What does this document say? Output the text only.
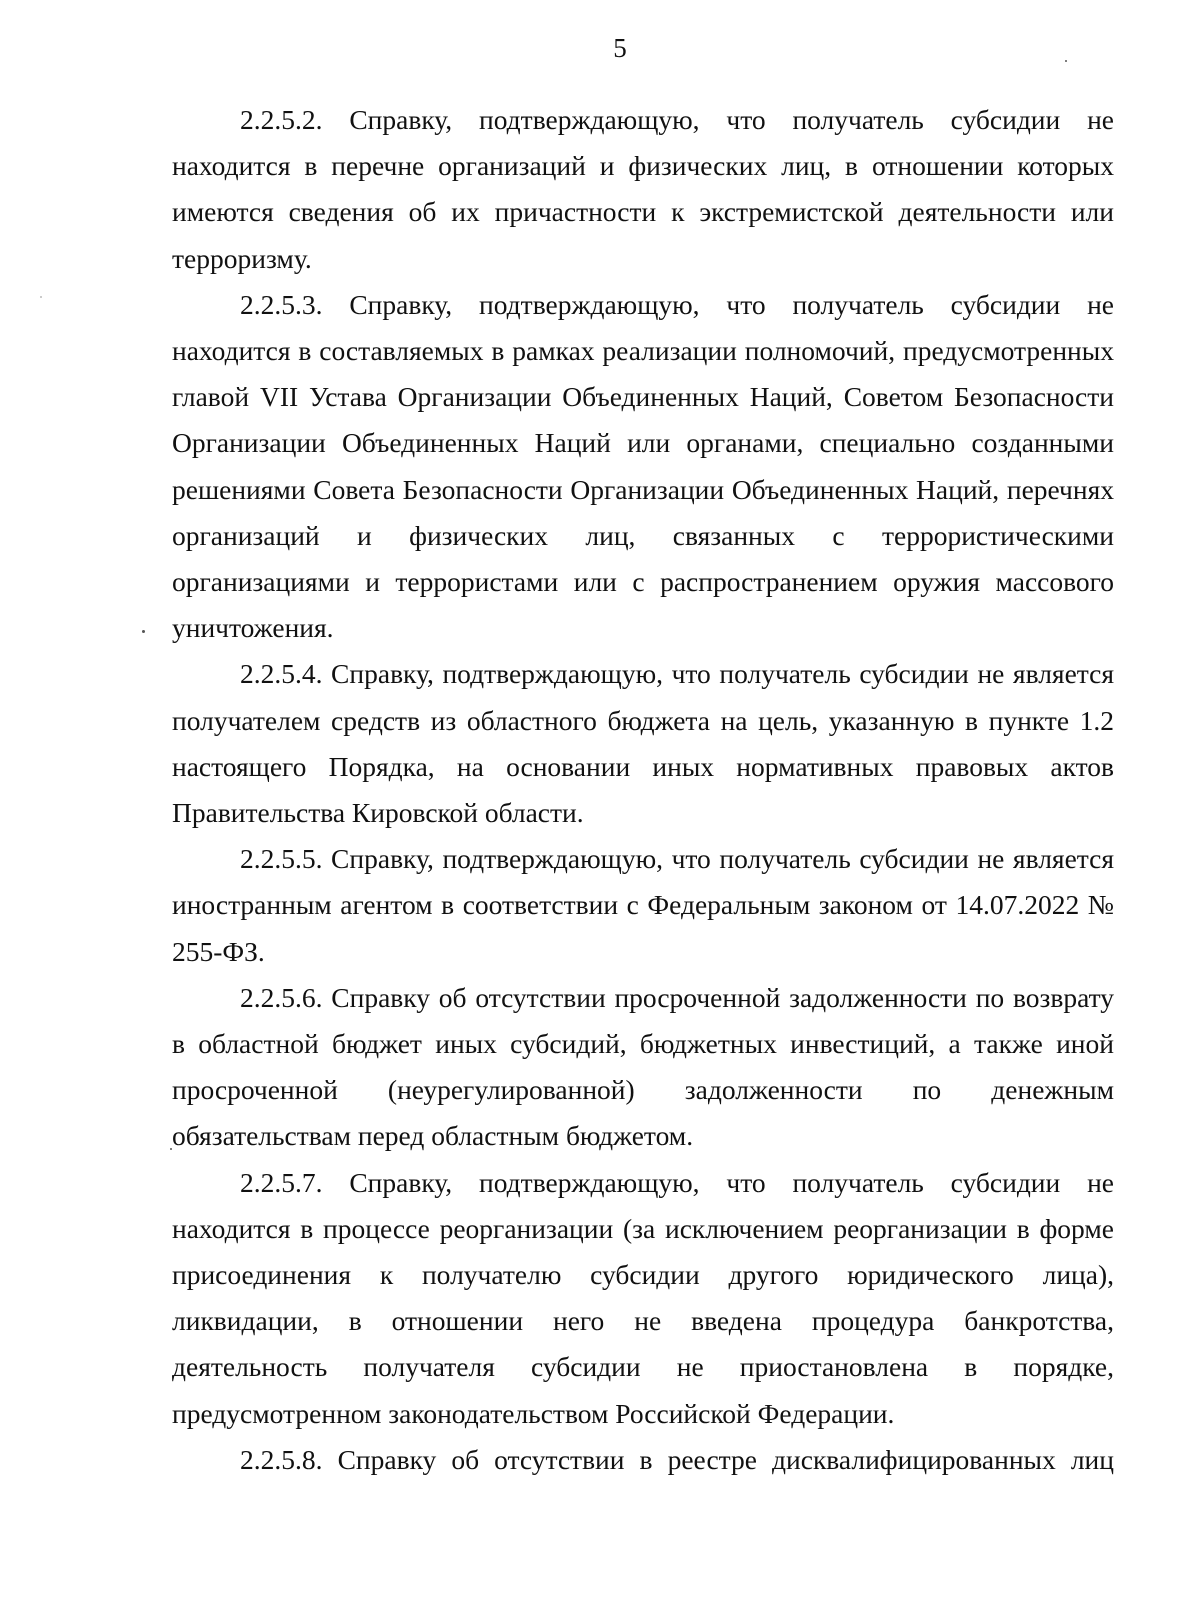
5

2.2.5.2. Справку, подтверждающую, что получатель субсидии не находится в перечне организаций и физических лиц, в отношении которых имеются сведения об их причастности к экстремистской деятельности или терроризму.

2.2.5.3. Справку, подтверждающую, что получатель субсидии не находится в составляемых в рамках реализации полномочий, предусмотренных главой VII Устава Организации Объединенных Наций, Советом Безопасности Организации Объединенных Наций или органами, специально созданными решениями Совета Безопасности Организации Объединенных Наций, перечнях организаций и физических лиц, связанных с террористическими организациями и террористами или с распространением оружия массового уничтожения.

2.2.5.4. Справку, подтверждающую, что получатель субсидии не является получателем средств из областного бюджета на цель, указанную в пункте 1.2 настоящего Порядка, на основании иных нормативных правовых актов Правительства Кировской области.

2.2.5.5. Справку, подтверждающую, что получатель субсидии не является иностранным агентом в соответствии с Федеральным законом от 14.07.2022 № 255-ФЗ.

2.2.5.6. Справку об отсутствии просроченной задолженности по возврату в областной бюджет иных субсидий, бюджетных инвестиций, а также иной просроченной (неурегулированной) задолженности по денежным обязательствам перед областным бюджетом.

2.2.5.7. Справку, подтверждающую, что получатель субсидии не находится в процессе реорганизации (за исключением реорганизации в форме присоединения к получателю субсидии другого юридического лица), ликвидации, в отношении него не введена процедура банкротства, деятельность получателя субсидии не приостановлена в порядке, предусмотренном законодательством Российской Федерации.

2.2.5.8. Справку об отсутствии в реестре дисквалифицированных лиц
